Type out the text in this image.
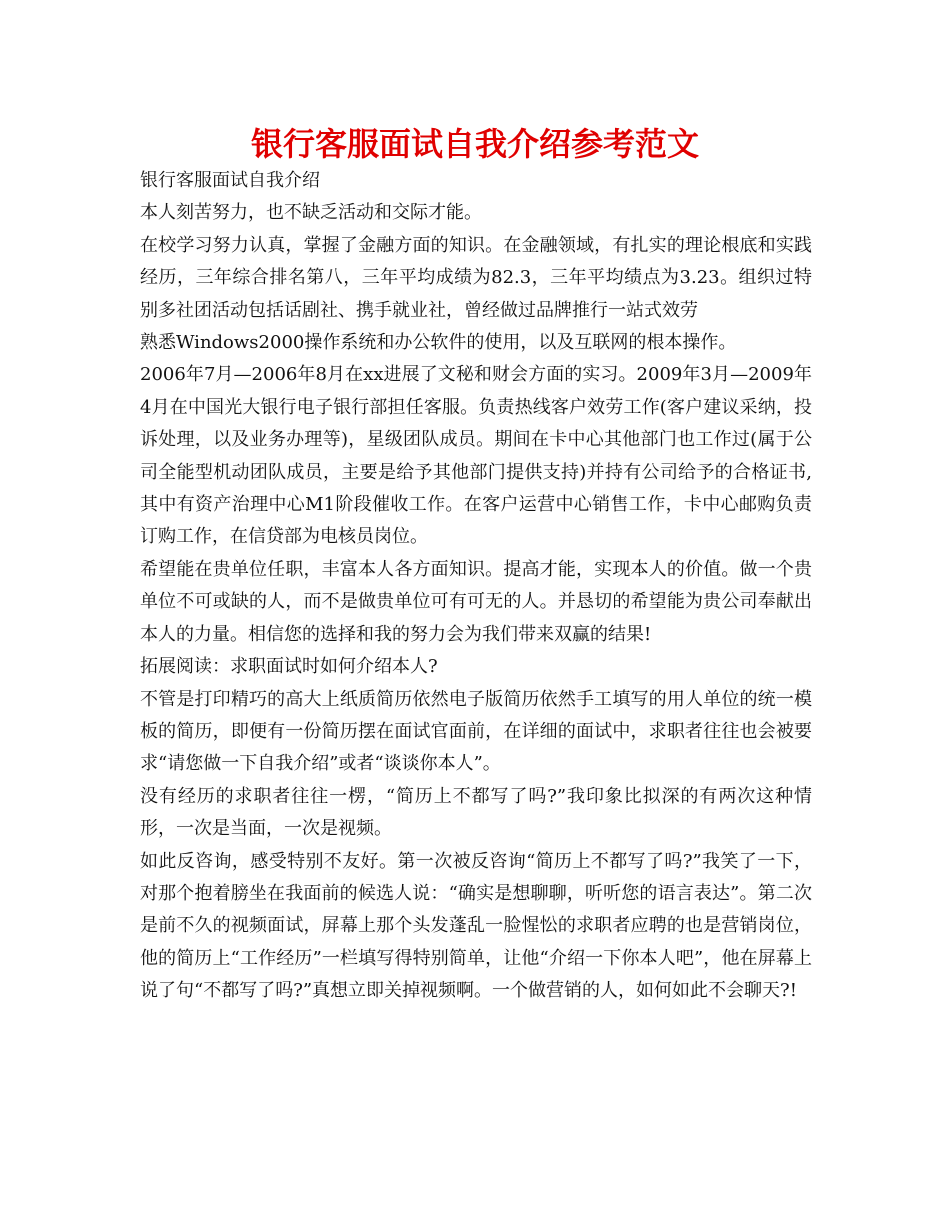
银行客服面试自我介绍参考范文

银行客服面试自我介绍

本人刻苦努力，也不缺乏活动和交际才能。

在校学习努力认真，掌握了金融方面的知识。在金融领域，有扎实的理论根底和实践经历，三年综合排名第八，三年平均成绩为82.3，三年平均绩点为3.23。组织过特别多社团活动包括话剧社、携手就业社，曾经做过品牌推行一站式效劳

熟悉Windows2000操作系统和办公软件的使用，以及互联网的根本操作。

2006年7月—2006年8月在xx进展了文秘和财会方面的实习。2009年3月—2009年4月在中国光大银行电子银行部担任客服。负责热线客户效劳工作(客户建议采纳，投诉处理，以及业务办理等)，星级团队成员。期间在卡中心其他部门也工作过(属于公司全能型机动团队成员，主要是给予其他部门提供支持)并持有公司给予的合格证书,其中有资产治理中心M1阶段催收工作。在客户运营中心销售工作，卡中心邮购负责订购工作，在信贷部为电核员岗位。

希望能在贵单位任职，丰富本人各方面知识。提高才能，实现本人的价值。做一个贵单位不可或缺的人，而不是做贵单位可有可无的人。并恳切的希望能为贵公司奉献出本人的力量。相信您的选择和我的努力会为我们带来双赢的结果!

拓展阅读：求职面试时如何介绍本人?

不管是打印精巧的高大上纸质简历依然电子版简历依然手工填写的用人单位的统一模板的简历，即便有一份简历摆在面试官面前，在详细的面试中，求职者往往也会被要求“请您做一下自我介绍”或者“谈谈你本人”。

没有经历的求职者往往一楞，“简历上不都写了吗?”我印象比拟深的有两次这种情形，一次是当面，一次是视频。

如此反咨询，感受特别不友好。第一次被反咨询“简历上不都写了吗?”我笑了一下，对那个抱着膀坐在我面前的候选人说：“确实是想聊聊，听听您的语言表达”。第二次是前不久的视频面试，屏幕上那个头发蓬乱一脸惺忪的求职者应聘的也是营销岗位，他的简历上“工作经历”一栏填写得特别简单，让他“介绍一下你本人吧”，他在屏幕上说了句“不都写了吗?”真想立即关掉视频啊。一个做营销的人，如何如此不会聊天?!
